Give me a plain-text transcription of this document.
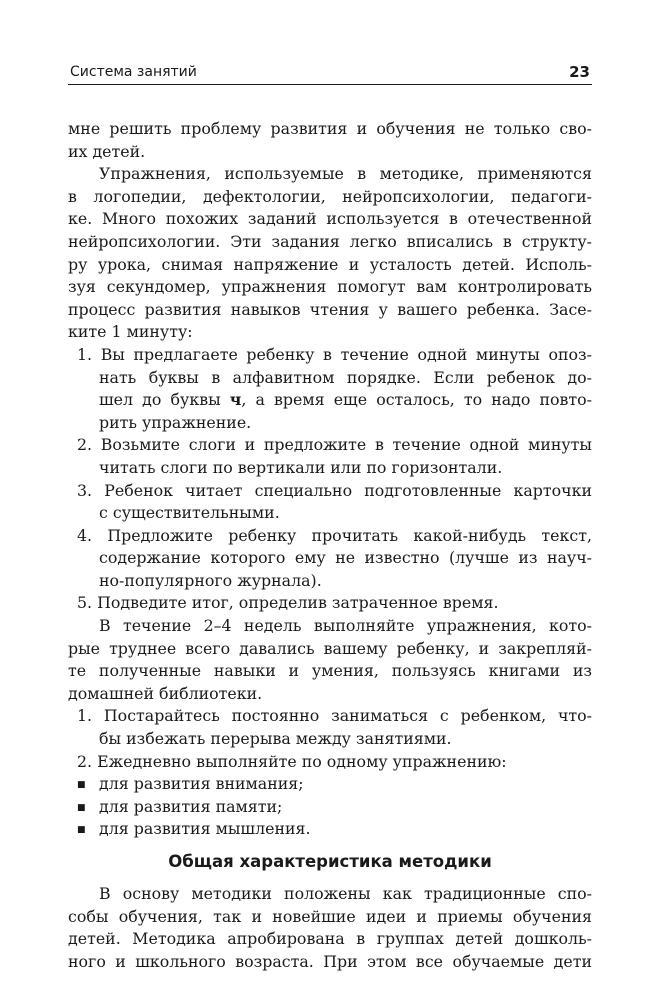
Система занятий	23
мне решить проблему развития и обучения не только сво-
их детей.
Упражнения, используемые в методике, применяются
в логопедии, дефектологии, нейропсихологии, педагоги-
ке. Много похожих заданий используется в отечественной
нейропсихологии. Эти задания легко вписались в структу-
ру урока, снимая напряжение и усталость детей. Исполь-
зуя секундомер, упражнения помогут вам контролировать
процесс развития навыков чтения у вашего ребенка. Засе-
ките 1 минуту:
1. Вы предлагаете ребенку в течение одной минуты опоз-
нать буквы в алфавитном порядке. Если ребенок до-
шел до буквы ч, а время еще осталось, то надо повто-
рить упражнение.
2. Возьмите слоги и предложите в течение одной минуты
читать слоги по вертикали или по горизонтали.
3. Ребенок читает специально подготовленные карточки
с существительными.
4. Предложите ребенку прочитать какой-нибудь текст,
содержание которого ему не известно (лучше из науч-
но-популярного журнала).
5. Подведите итог, определив затраченное время.
В течение 2–4 недель выполняйте упражнения, кото-
рые труднее всего давались вашему ребенку, и закрепляй-
те полученные навыки и умения, пользуясь книгами из
домашней библиотеки.
1. Постарайтесь постоянно заниматься с ребенком, что-
бы избежать перерыва между занятиями.
2. Ежедневно выполняйте по одному упражнению:
■ для развития внимания;
■ для развития памяти;
■ для развития мышления.
Общая характеристика методики
В основу методики положены как традиционные спо-
собы обучения, так и новейшие идеи и приемы обучения
детей. Методика апробирована в группах детей дошколь-
ного и школьного возраста. При этом все обучаемые дети
